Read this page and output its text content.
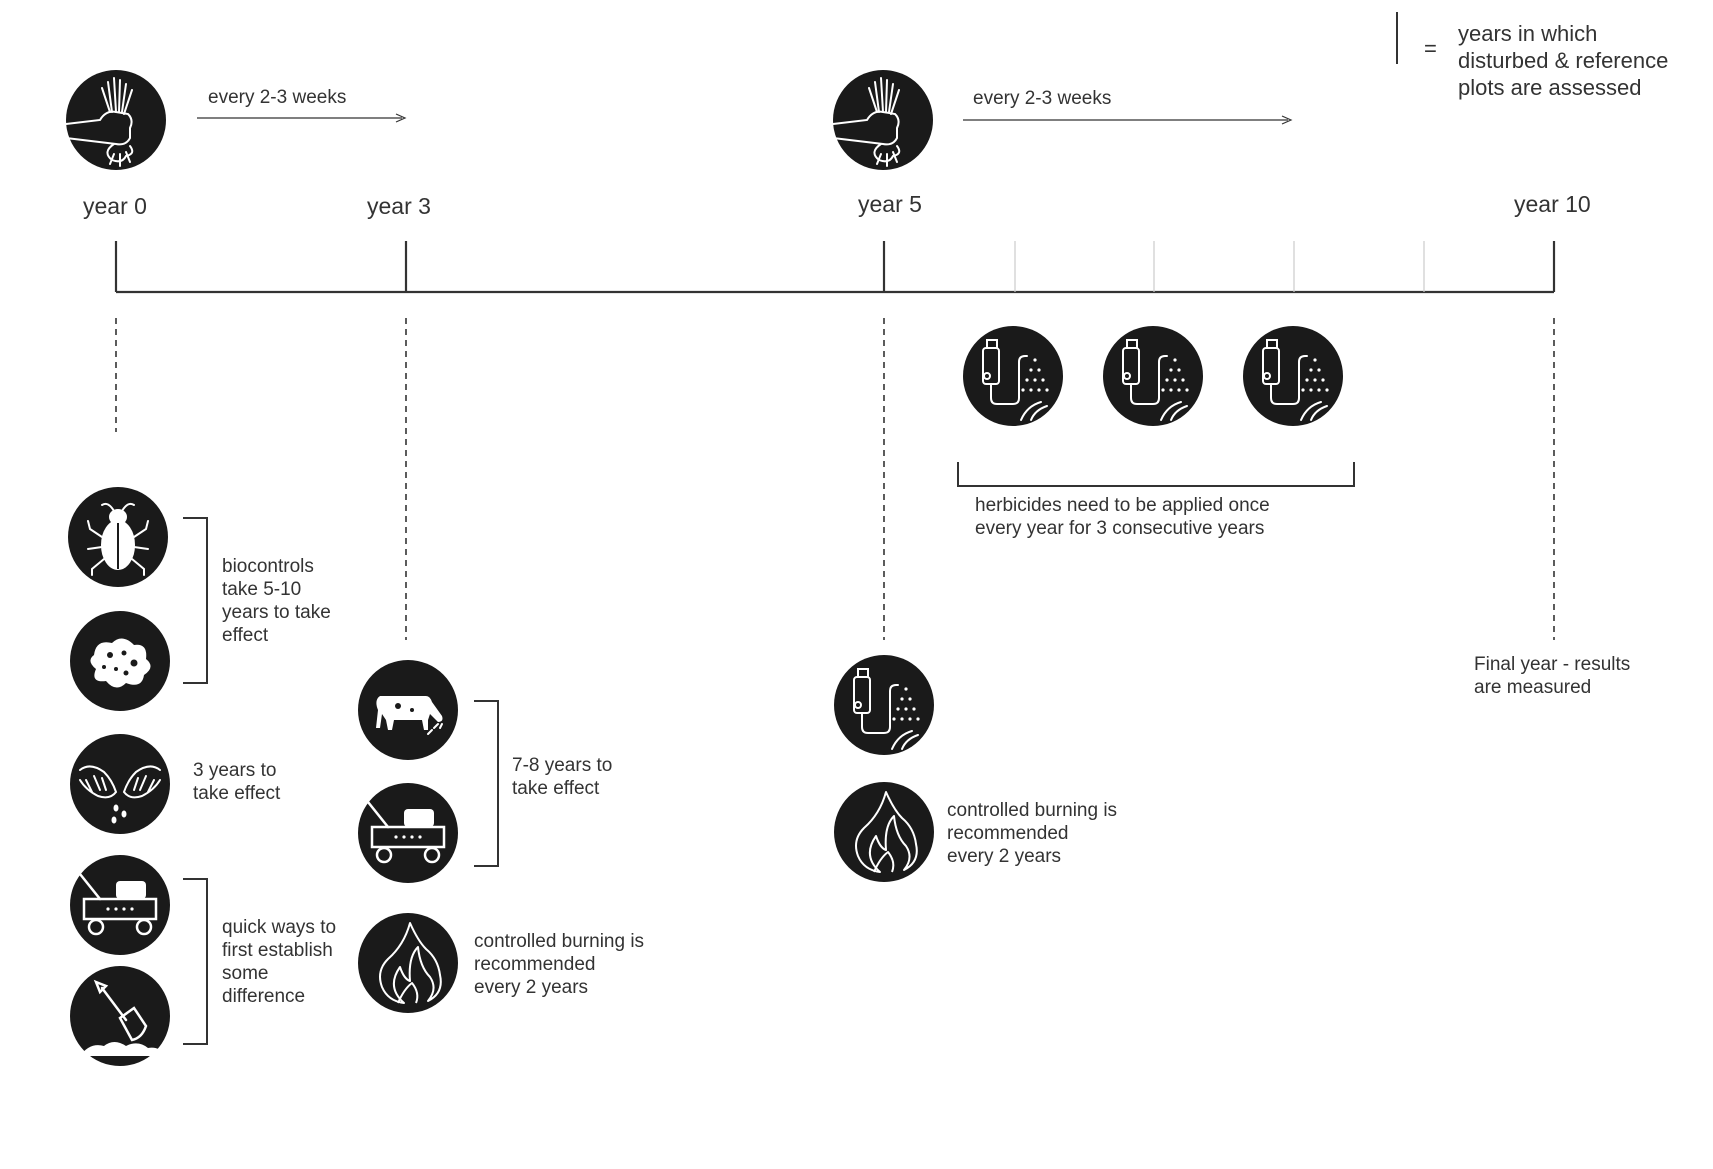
=
years in which
disturbed & reference
plots are assessed
every 2-3 weeks	every 2-3 weeks
year 0	year 3	year 5	year 10
herbicides need to be applied once
every year for 3 consecutive years
biocontrols
take 5-10
years to take
effect
3 years to
take effect
quick ways to
first establish
some
difference
7-8 years to
take effect
controlled burning is
recommended
every 2 years
controlled burning is
recommended
every 2 years
Final year - results
are measured
